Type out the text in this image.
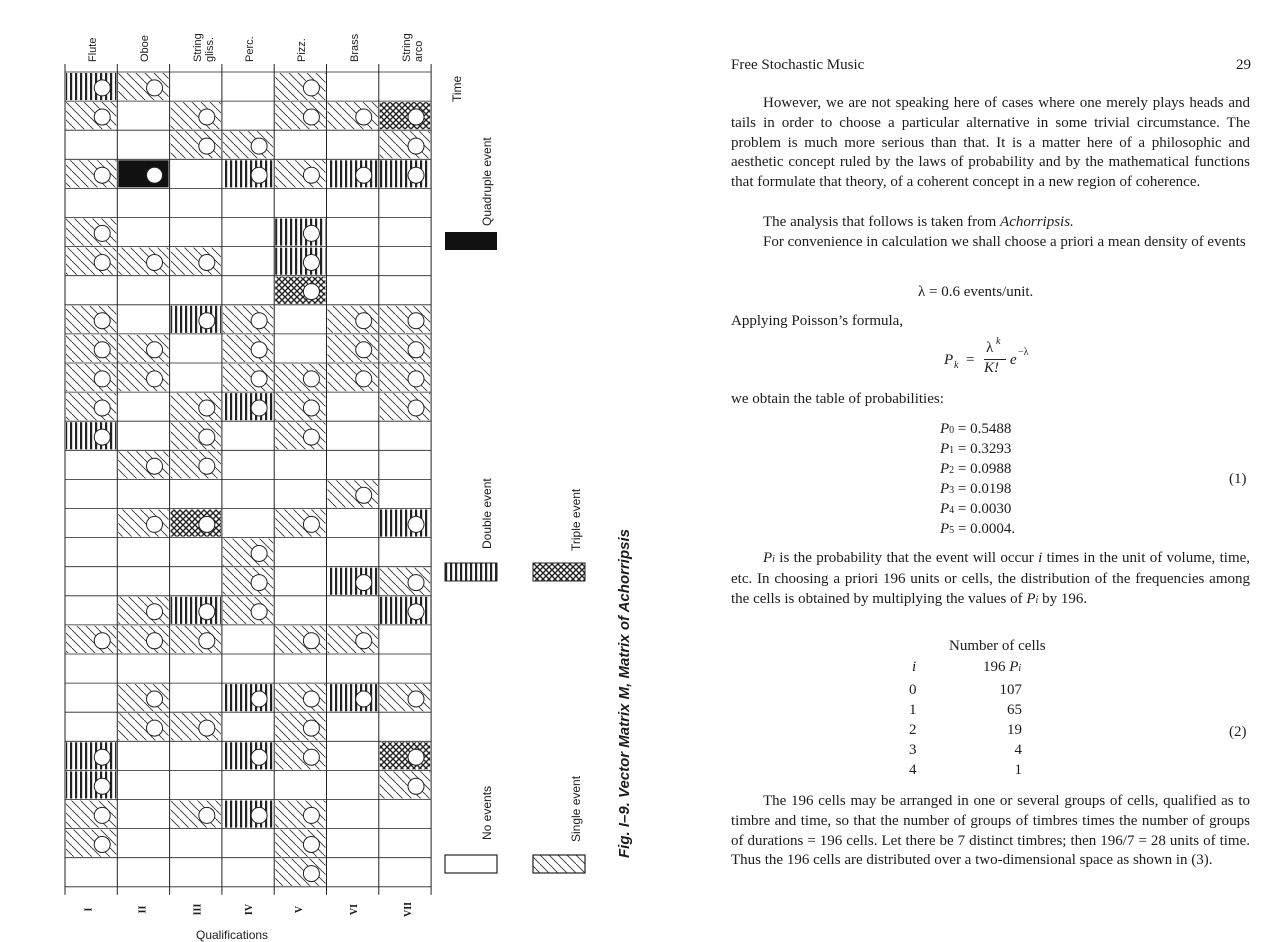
Flute	Oboe	String
gliss.	Perc.	Pizz.	Brass	String
arco
Time
Qualifications
I	II	III	IV	V	VI	VII
Quadruple event
Double event	Triple event
No events	Single event Fig. I–9. Vector Matrix M, Matrix of Achorripsis
Free Stochastic Music	29
However, we are not speaking here of cases where one merely plays heads and tails in order to choose a particular alternative in some trivial circumstance. The problem is much more serious than that. It is a matter here of a philosophic and aesthetic concept ruled by the laws of probability and by the mathematical functions that formulate that theory, of a coherent concept in a new region of coherence.
The analysis that follows is taken from Achorripsis.
For convenience in calculation we shall choose a priori a mean density of events
λ = 0.6 events/unit.
Applying Poisson’s formula,
P k =
λ k
K! e −λ
we obtain the table of probabilities:
P0 = 0.5488
P1 = 0.3293
P2 = 0.0988
P3 = 0.0198
P4 = 0.0030
P5 = 0.0004.
(1)
Pi is the probability that the event will occur i times in the unit of volume, time, etc. In choosing a priori 196 units or cells, the distribution of the frequencies among the cells is obtained by multiplying the values of Pi by 196.
Number of cells
i	196 Pi
0	107
1	65
2	19
3	4
4	1
(2)
The 196 cells may be arranged in one or several groups of cells, qualified as to timbre and time, so that the number of groups of timbres times the number of groups of durations = 196 cells. Let there be 7 distinct timbres; then 196/7 = 28 units of time. Thus the 196 cells are distributed over a two-dimensional space as shown in (3).
